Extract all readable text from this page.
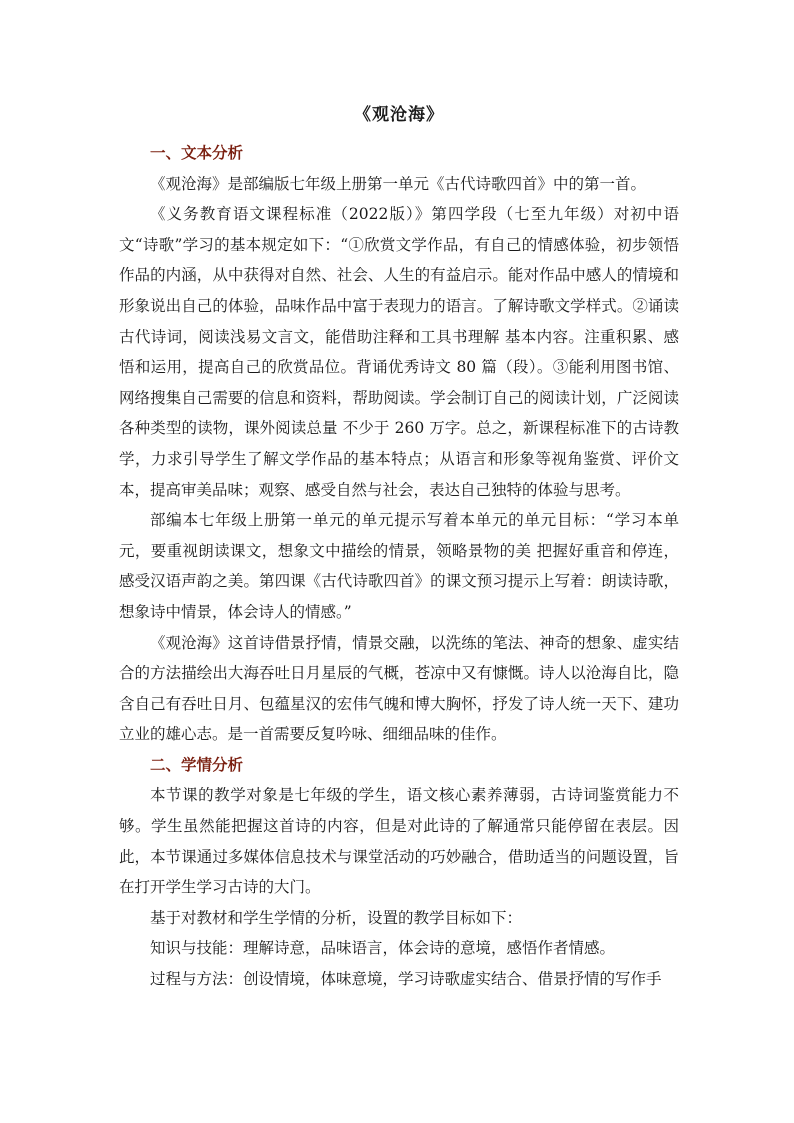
《观沧海》
一、文本分析

《观沧海》是部编版七年级上册第一单元《古代诗歌四首》中的第一首。

《义务教育语文课程标准（2022版）》第四学段（七至九年级）对初中语文“诗歌”学习的基本规定如下：“①欣赏文学作品，有自己的情感体验，初步领悟作品的内涵，从中获得对自然、社会、人生的有益启示。能对作品中感人的情境和 形象说出自己的体验，品味作品中富于表现力的语言。了解诗歌文学样式。②诵读古代诗词，阅读浅易文言文，能借助注释和工具书理解 基本内容。注重积累、感悟和运用，提高自己的欣赏品位。背诵优秀诗文 80 篇（段）。③能利用图书馆、网络搜集自己需要的信息和资料，帮助阅读。学会制订自己的阅读计划，广泛阅读各种类型的读物，课外阅读总量 不少于 260 万字。总之，新课程标准下的古诗教学，力求引导学生了解文学作品的基本特点；从语言和形象等视角鉴赏、评价文本，提高审美品味；观察、感受自然与社会，表达自己独特的体验与思考。

部编本七年级上册第一单元的单元提示写着本单元的单元目标：“学习本单元，要重视朗读课文，想象文中描绘的情景，领略景物的美 把握好重音和停连，感受汉语声韵之美。第四课《古代诗歌四首》的课文预习提示上写着：朗读诗歌，想象诗中情景，体会诗人的情感。”

《观沧海》这首诗借景抒情，情景交融，以洗练的笔法、神奇的想象、虚实结合的方法描绘出大海吞吐日月星辰的气概，苍凉中又有慷慨。诗人以沧海自比，隐含自己有吞吐日月、包蕴星汉的宏伟气魄和博大胸怀，抒发了诗人统一天下、建功立业的雄心志。是一首需要反复吟咏、细细品味的佳作。

二、学情分析

本节课的教学对象是七年级的学生，语文核心素养薄弱，古诗词鉴赏能力不够。学生虽然能把握这首诗的内容，但是对此诗的了解通常只能停留在表层。因此，本节课通过多媒体信息技术与课堂活动的巧妙融合，借助适当的问题设置，旨在打开学生学习古诗的大门。

基于对教材和学生学情的分析，设置的教学目标如下：

知识与技能：理解诗意，品味语言，体会诗的意境，感悟作者情感。

过程与方法：创设情境，体味意境，学习诗歌虚实结合、借景抒情的写作手
